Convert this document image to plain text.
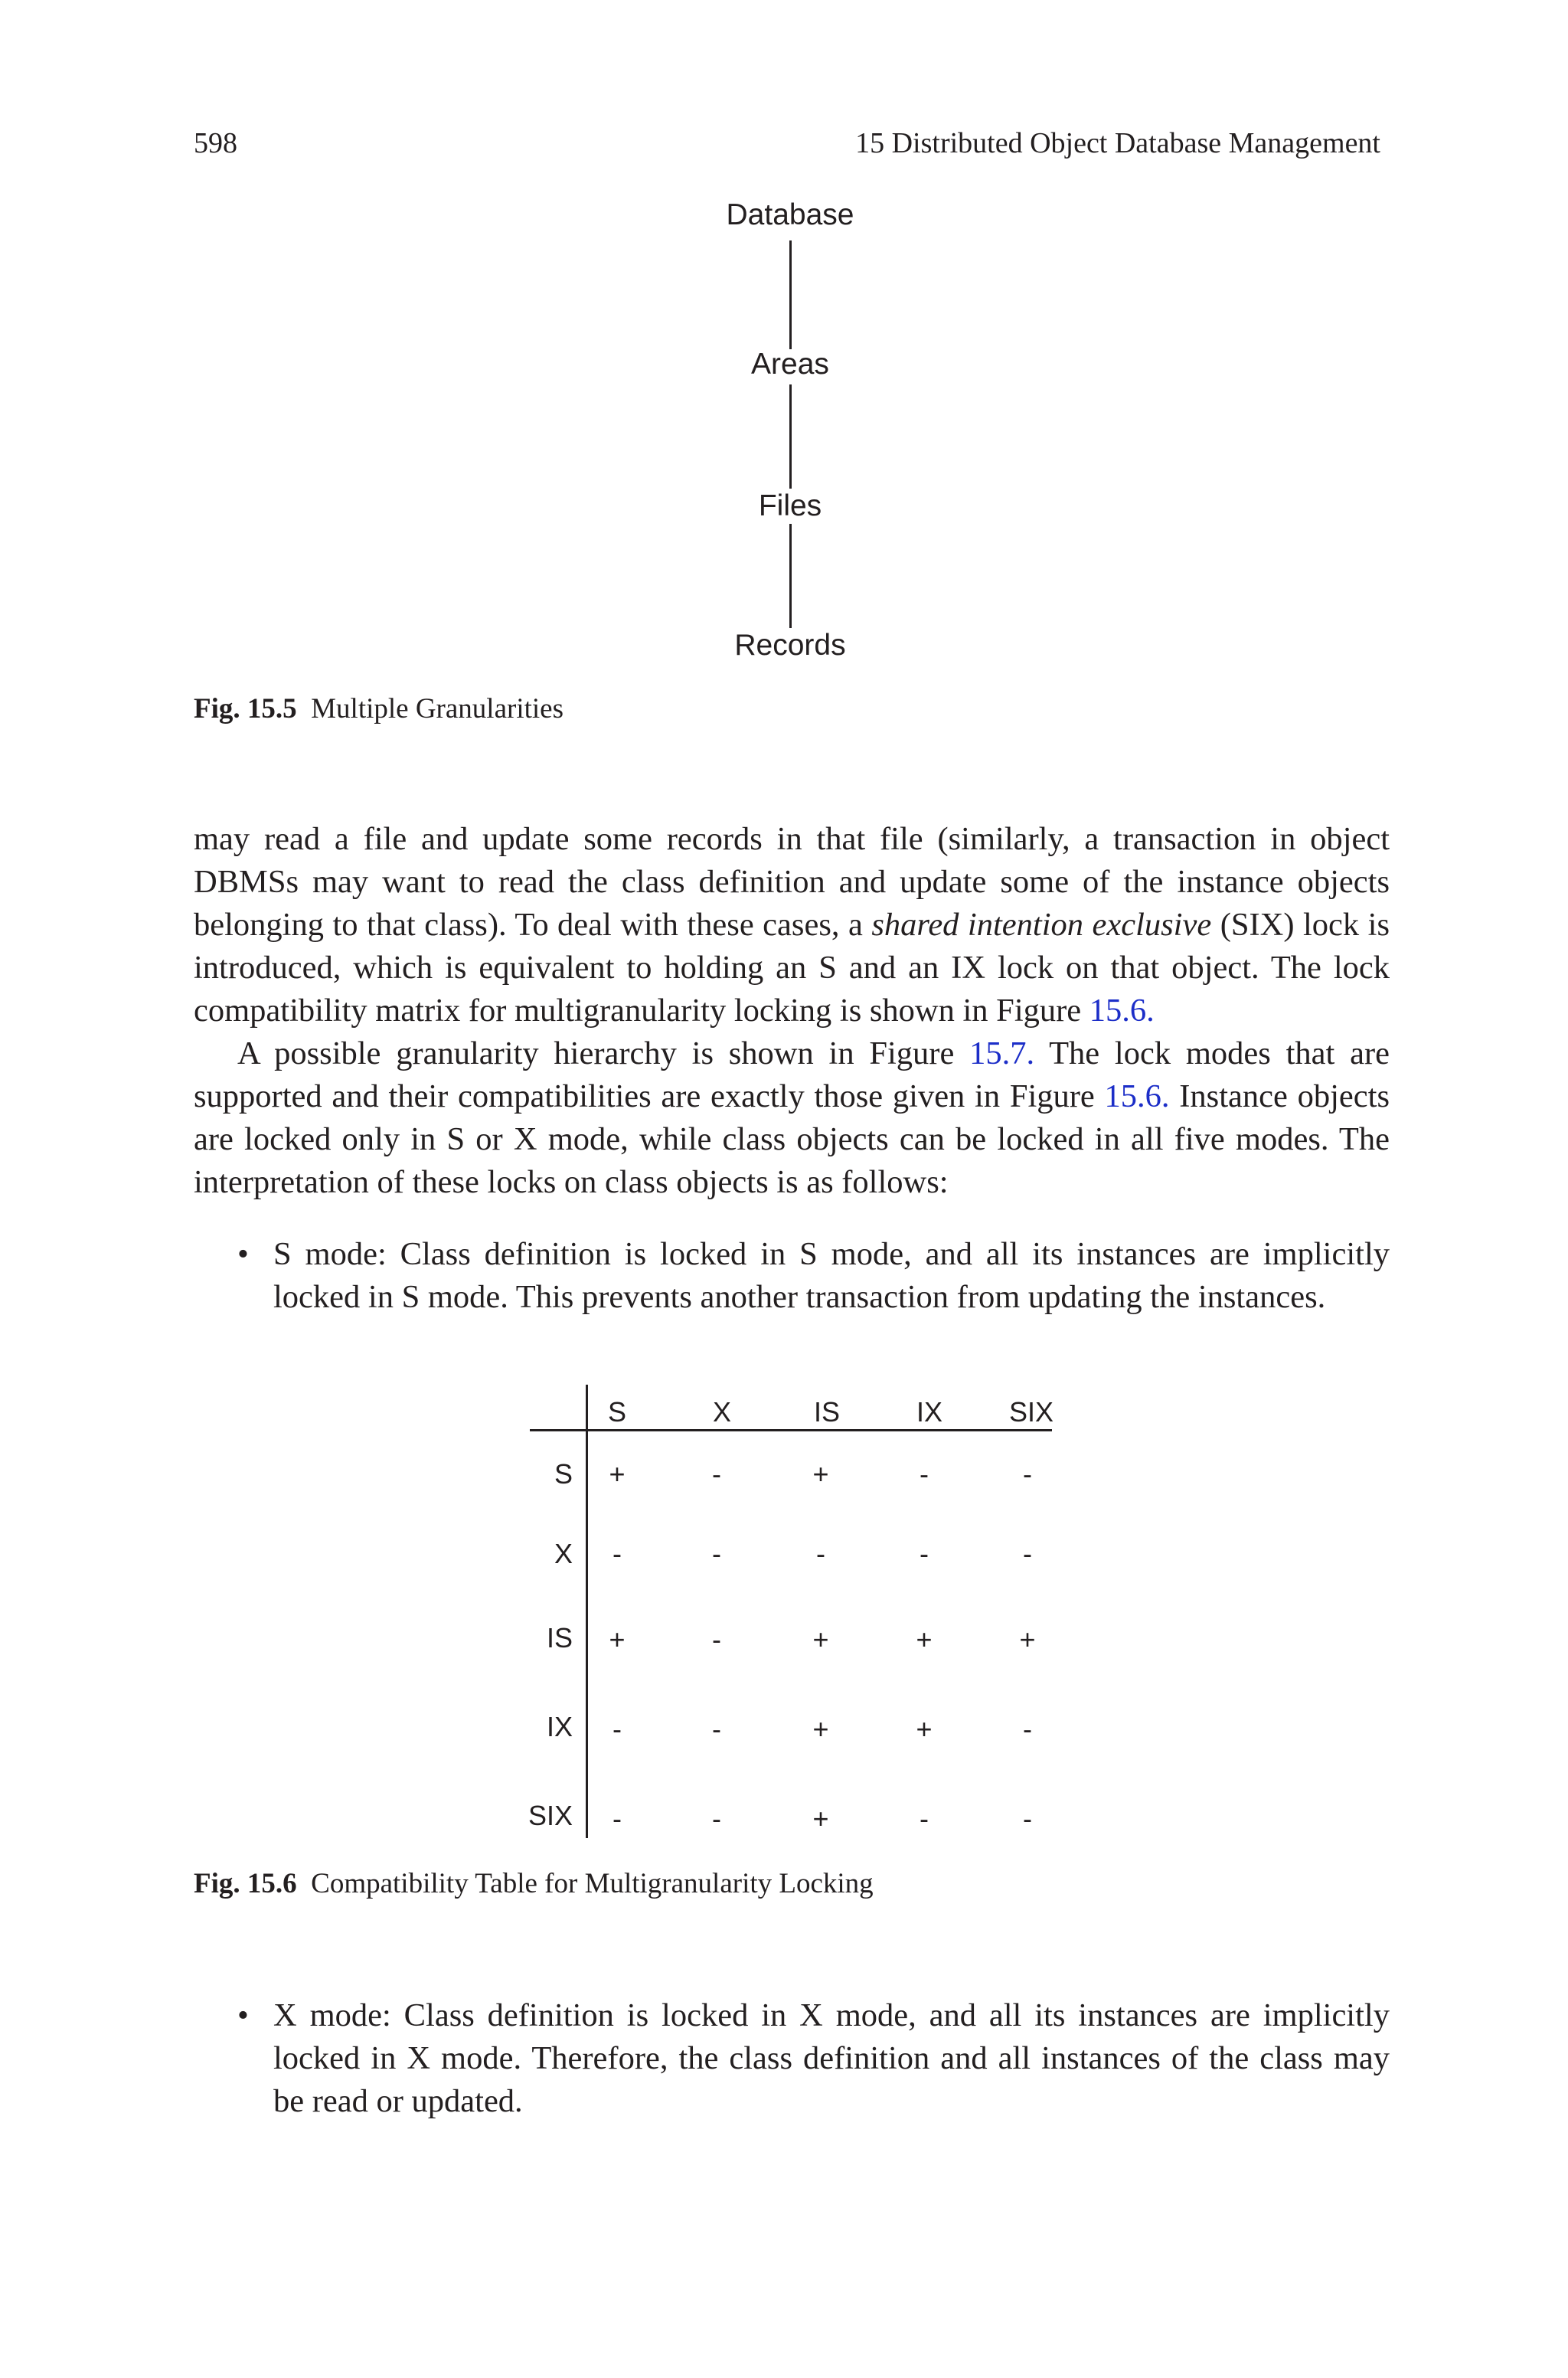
598	15 Distributed Object Database Management
Database
Areas
Files
Records
Fig. 15.5 Multiple Granularities
may read a file and update some records in that file (similarly, a transaction in object DBMSs may want to read the class definition and update some of the instance objects belonging to that class). To deal with these cases, a shared intention exclusive (SIX) lock is introduced, which is equivalent to holding an S and an IX lock on that object. The lock compatibility matrix for multigranularity locking is shown in Figure 15.6.
A possible granularity hierarchy is shown in Figure 15.7. The lock modes that are supported and their compatibilities are exactly those given in Figure 15.6. Instance objects are locked only in S or X mode, while class objects can be locked in all five modes. The interpretation of these locks on class objects is as follows:
• S mode: Class definition is locked in S mode, and all its instances are implicitly locked in S mode. This prevents another transaction from updating the instances.
S	X	IS	IX	SIX
S	+	-	+	-	-
X	-	-	-	-	-
IS	+	-	+	+	+
IX	-	-	+	+	-
SIX	-	-	+	-	-
Fig. 15.6 Compatibility Table for Multigranularity Locking
• X mode: Class definition is locked in X mode, and all its instances are implicitly locked in X mode. Therefore, the class definition and all instances of the class may be read or updated.
